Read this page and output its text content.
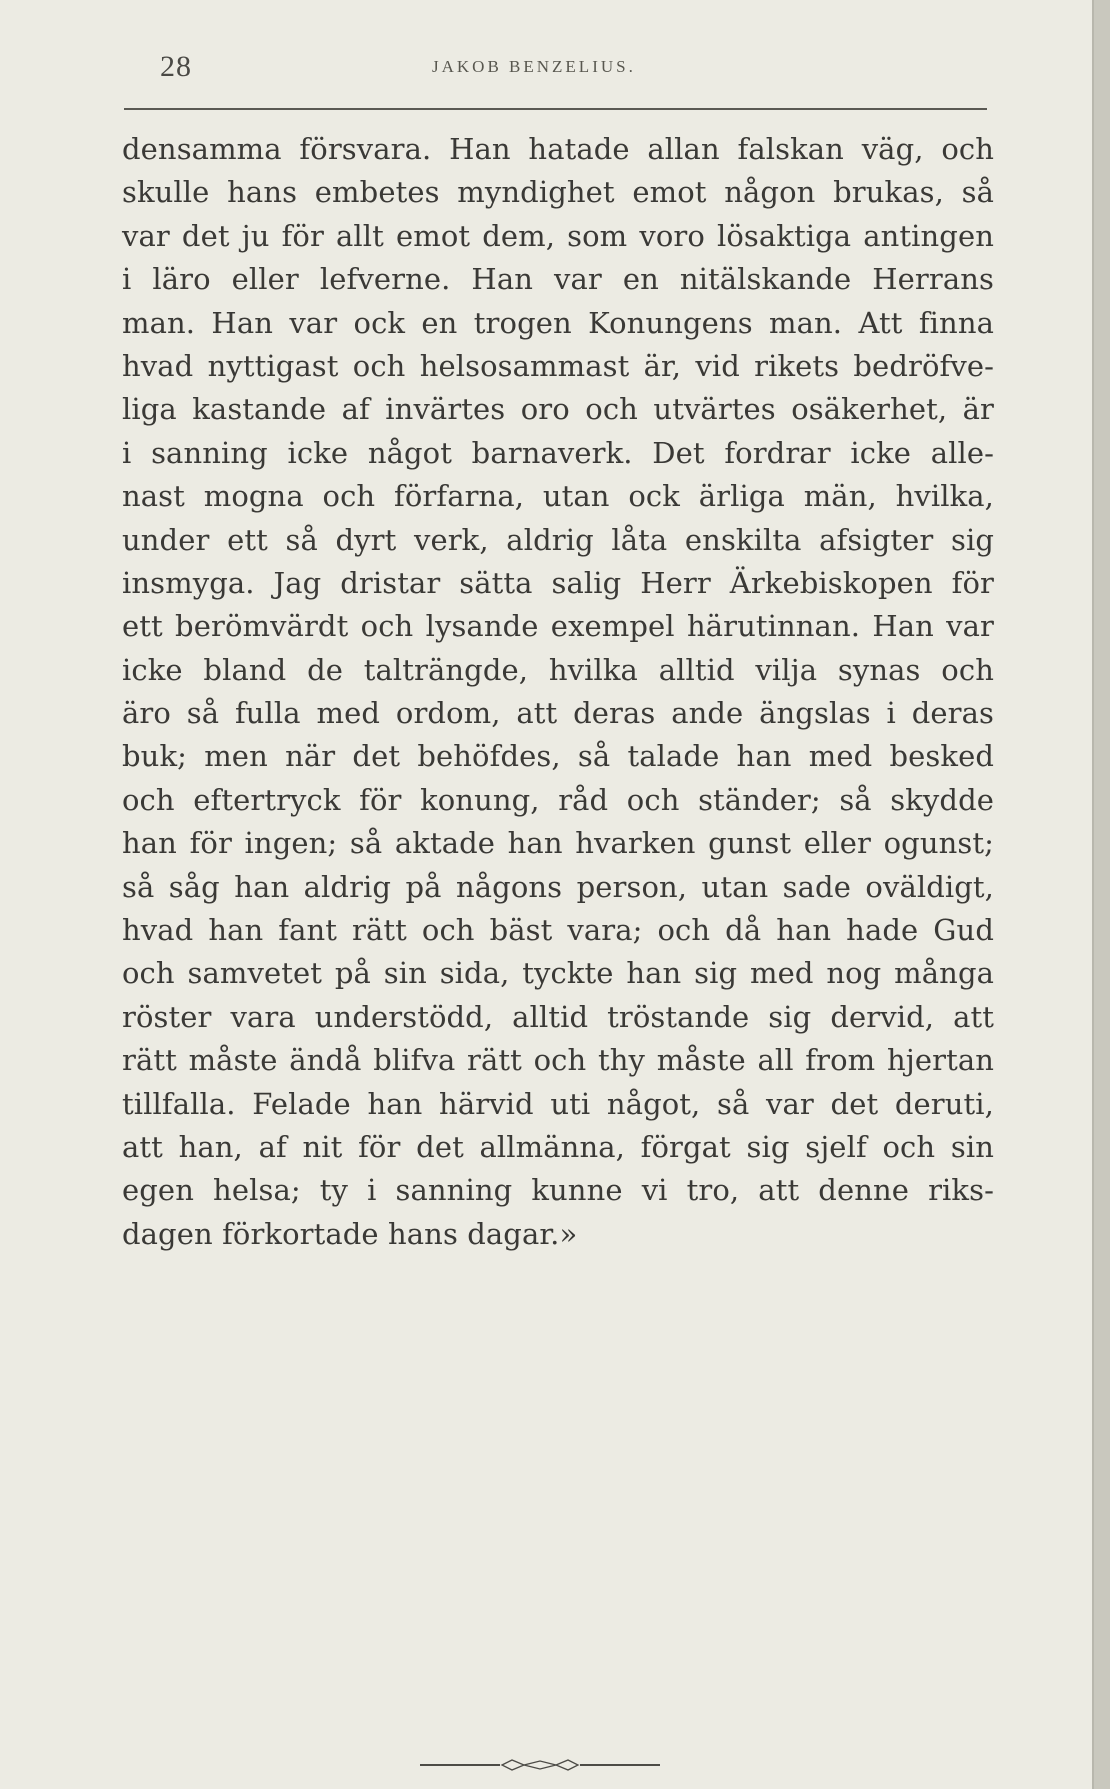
28	JAKOB BENZELIUS.
densamma försvara. Han hatade allan falskan väg, och
skulle hans embetes myndighet emot någon brukas, så
var det ju för allt emot dem, som voro lösaktiga antingen
i läro eller lefverne. Han var en nitälskande Herrans
man. Han var ock en trogen Konungens man. Att finna
hvad nyttigast och helsosammast är, vid rikets bedröfve-
liga kastande af invärtes oro och utvärtes osäkerhet, är
i sanning icke något barnaverk. Det fordrar icke alle-
nast mogna och förfarna, utan ock ärliga män, hvilka,
under ett så dyrt verk, aldrig låta enskilta afsigter sig
insmyga. Jag dristar sätta salig Herr Ärkebiskopen för
ett berömvärdt och lysande exempel härutinnan. Han var
icke bland de talträngde, hvilka alltid vilja synas och
äro så fulla med ordom, att deras ande ängslas i deras
buk; men när det behöfdes, så talade han med besked
och eftertryck för konung, råd och ständer; så skydde
han för ingen; så aktade han hvarken gunst eller ogunst;
så såg han aldrig på någons person, utan sade oväldigt,
hvad han fant rätt och bäst vara; och då han hade Gud
och samvetet på sin sida, tyckte han sig med nog många
röster vara understödd, alltid tröstande sig dervid, att
rätt måste ändå blifva rätt och thy måste all from hjertan
tillfalla. Felade han härvid uti något, så var det deruti,
att han, af nit för det allmänna, förgat sig sjelf och sin
egen helsa; ty i sanning kunne vi tro, att denne riks-
dagen förkortade hans dagar.»
